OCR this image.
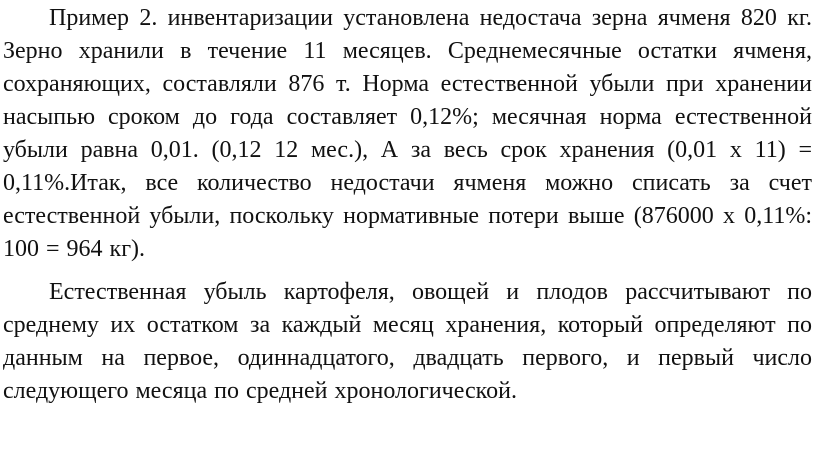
Пример 2. инвентаризации установлена недостача зерна ячменя 820 кг. Зерно хранили в течение 11 месяцев. Среднемесячные остатки ячменя, сохраняющих, составляли 876 т. Норма естественной убыли при хранении насыпью сроком до года составляет 0,12%; месячная норма естественной убыли равна 0,01. (0,12 12 мес.), А за весь срок хранения (0,01 х 11) = 0,11%.Итак, все количество недостачи ячменя можно списать за счет естественной убыли, поскольку нормативные потери выше (876000 х 0,11%: 100 = 964 кг).

Естественная убыль картофеля, овощей и плодов рассчитывают по среднему их остатком за каждый месяц хранения, который определяют по данным на первое, одиннадцатого, двадцать первого, и первый число следующего месяца по средней хронологической.
